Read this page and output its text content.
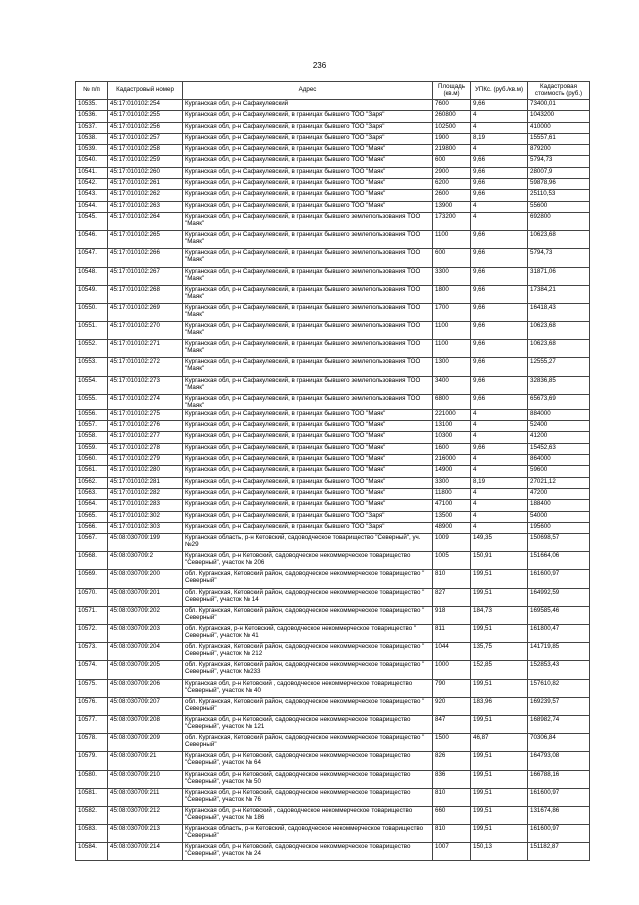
236
№ п/п	Кадастровый номер	Адрес	Площадь (кв.м)	УПКс. (руб./кв.м)	Кадастровая стоимость (руб.)
10535.	45:17:010102:254	Курганская обл, р-н Сафакулевский	7600	9,66	73400,01
10536.	45:17:010102:255	Курганская обл, р-н Сафакулевский, в границах бывшего ТОО "Заря"	260800	4	1043200
10537.	45:17:010102:256	Курганская обл, р-н Сафакулевский, в границах бывшего ТОО "Заря"	102500	4	410000
10538.	45:17:010102:257	Курганская обл, р-н Сафакулевский, в границах бывшего ТОО "Заря"	1900	8,19	15557,61
10539.	45:17:010102:258	Курганская обл, р-н Сафакулевский, в границах бывшего ТОО "Маяк"	219800	4	879200
10540.	45:17:010102:259	Курганская обл, р-н Сафакулевский, в границах бывшего ТОО "Маяк"	600	9,66	5794,73
10541.	45:17:010102:260	Курганская обл, р-н Сафакулевский, в границах бывшего ТОО "Маяк"	2900	9,66	28007,9
10542.	45:17:010102:261	Курганская обл, р-н Сафакулевский, в границах бывшего ТОО "Маяк"	6200	9,66	59878,96
10543.	45:17:010102:262	Курганская обл, р-н Сафакулевский, в границах бывшего ТОО "Маяк"	2600	9,66	25110,53
10544.	45:17:010102:263	Курганская обл, р-н Сафакулевский, в границах бывшего ТОО "Маяк"	13900	4	55600
10545.	45:17:010102:264	Курганская обл, р-н Сафакулевский, в границах бывшего землепользования ТОО "Маяк"	173200	4	692800
10546.	45:17:010102:265	Курганская обл, р-н Сафакулевский, в границах бывшего землепользования ТОО "Маяк"	1100	9,66	10623,68
10547.	45:17:010102:266	Курганская обл, р-н Сафакулевский, в границах бывшего землепользования ТОО "Маяк"	600	9,66	5794,73
10548.	45:17:010102:267	Курганская обл, р-н Сафакулевский, в границах бывшего землепользования ТОО "Маяк"	3300	9,66	31871,06
10549.	45:17:010102:268	Курганская обл, р-н Сафакулевский, в границах бывшего землепользования ТОО "Маяк"	1800	9,66	17384,21
10550.	45:17:010102:269	Курганская обл, р-н Сафакулевский, в границах бывшего землепользования ТОО "Маяк"	1700	9,66	16418,43
10551.	45:17:010102:270	Курганская обл, р-н Сафакулевский, в границах бывшего землепользования ТОО "Маяк"	1100	9,66	10623,68
10552.	45:17:010102:271	Курганская обл, р-н Сафакулевский, в границах бывшего землепользования ТОО "Маяк"	1100	9,66	10623,68
10553.	45:17:010102:272	Курганская обл, р-н Сафакулевский, в границах бывшего землепользования ТОО "Маяк"	1300	9,66	12555,27
10554.	45:17:010102:273	Курганская обл, р-н Сафакулевский, в границах бывшего землепользования ТОО "Маяк"	3400	9,66	32836,85
10555.	45:17:010102:274	Курганская обл, р-н Сафакулевский, в границах бывшего землепользования ТОО "Маяк"	6800	9,66	65673,69
10556.	45:17:010102:275	Курганская обл, р-н Сафакулевский, в границах бывшего ТОО "Маяк"	221000	4	884000
10557.	45:17:010102:276	Курганская обл, р-н Сафакулевский, в границах бывшего ТОО "Маяк"	13100	4	52400
10558.	45:17:010102:277	Курганская обл, р-н Сафакулевский, в границах бывшего ТОО "Маяк"	10300	4	41200
10559.	45:17:010102:278	Курганская обл, р-н Сафакулевский, в границах бывшего ТОО "Маяк"	1600	9,66	15452,63
10560.	45:17:010102:279	Курганская обл, р-н Сафакулевский, в границах бывшего ТОО "Маяк"	216000	4	864000
10561.	45:17:010102:280	Курганская обл, р-н Сафакулевский, в границах бывшего ТОО "Маяк"	14900	4	59600
10562.	45:17:010102:281	Курганская обл, р-н Сафакулевский, в границах бывшего ТОО "Маяк"	3300	8,19	27021,12
10563.	45:17:010102:282	Курганская обл, р-н Сафакулевский, в границах бывшего ТОО "Маяк"	11800	4	47200
10564.	45:17:010102:283	Курганская обл, р-н Сафакулевский, в границах бывшего ТОО "Маяк"	47100	4	188400
10565.	45:17:010102:302	Курганская обл, р-н Сафакулевский, в границах бывшего ТОО "Заря"	13500	4	54000
10566.	45:17:010102:303	Курганская обл, р-н Сафакулевский, в границах бывшего ТОО "Заря"	48900	4	195600
10567.	45:08:030709:199	Курганская область, р-н Кетовский, садоводческое товарищество "Северный", уч. №29	1009	149,35	150698,57
10568.	45:08:030709:2	Курганская обл, р-н Кетовский, садоводческое некоммерческое товарищество "Северный", участок № 206	1005	150,91	151664,06
10569.	45:08:030709:200	обл. Курганская, Кетовский район, садоводческое некоммерческое товарищество " Северный"	810	199,51	161600,97
10570.	45:08:030709:201	обл. Курганская, Кетовский район, садоводческое некоммерческое товарищество " Северный", участок № 14	827	199,51	164992,59
10571.	45:08:030709:202	обл. Курганская, Кетовский район, садоводческое некоммерческое товарищество " Северный"	918	184,73	169585,46
10572.	45:08:030709:203	обл. Курганская, р-н Кетовский, садоводческое некоммерческое товарищество " Северный", участок № 41	811	199,51	161800,47
10573.	45:08:030709:204	обл. Курганская, Кетовский район, садоводческое некоммерческое товарищество " Северный", участок № 212	1044	135,75	141719,85
10574.	45:08:030709:205	обл. Курганская, Кетовский район, садоводческое некоммерческое товарищество " Северный", участок №233	1000	152,85	152853,43
10575.	45:08:030709:206	Курганская обл, р-н Кетовский , садоводческое некоммерческое товарищество "Северный", участок № 40	790	199,51	157610,82
10576.	45:08:030709:207	обл. Курганская, Кетовский район, садоводческое некоммерческое товарищество " Северный"	920	183,96	169239,57
10577.	45:08:030709:208	Курганская обл, р-н Кетовский, садоводческое некоммерческое товарищество "Северный", участок № 121	847	199,51	168982,74
10578.	45:08:030709:209	обл. Курганская, Кетовский район, садоводческое некоммерческое товарищество " Северный"	1500	46,87	70306,84
10579.	45:08:030709:21	Курганская обл, р-н Кетовский, садоводческое некоммерческое товарищество "Северный", участок № 64	826	199,51	164793,08
10580.	45:08:030709:210	Курганская обл, р-н Кетовский, садоводческое некоммерческое товарищество "Северный", участок № 50	836	199,51	166788,16
10581.	45:08:030709:211	Курганская обл, р-н Кетовский, садоводческое некоммерческое товарищество "Северный", участок № 76	810	199,51	161600,97
10582.	45:08:030709:212	Курганская обл, р-н Кетовский , садоводческое некоммерческое товарищество "Северный", участок № 186	660	199,51	131674,86
10583.	45:08:030709:213	Курганская область, р-н Кетовский, садоводческое некоммерческое товарищество "Северный"	810	199,51	161600,97
10584.	45:08:030709:214	Курганская обл, р-н Кетовский, садоводческое некоммерческое товарищество "Северный", участок № 24	1007	150,13	151182,87
